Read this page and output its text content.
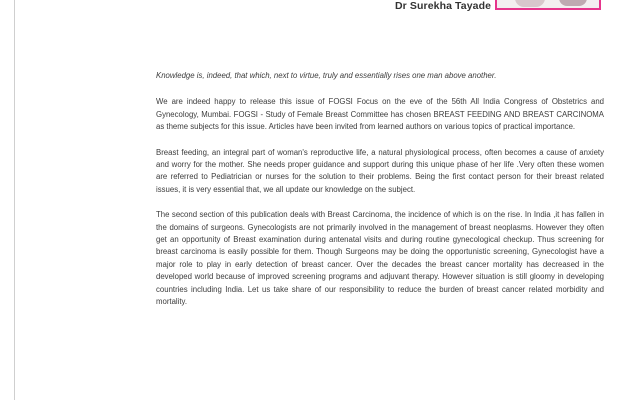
Dr Surekha Tayade

Knowledge is, indeed, that which, next to virtue, truly and essentially rises one man above another.

We are indeed happy to release this issue of FOGSI Focus on the eve of the 56th All India Congress of Obstetrics and Gynecology, Mumbai. FOGSI - Study of Female Breast Committee has chosen BREAST FEEDING AND BREAST CARCINOMA as theme subjects for this issue. Articles have been invited from learned authors on various topics of practical importance.

Breast feeding, an integral part of woman's reproductive life, a natural physiological process, often becomes a cause of anxiety and worry for the mother. She needs proper guidance and support during this unique phase of her life .Very often these women are referred to Pediatrician or nurses for the solution to their problems. Being the first contact person for their breast related issues, it is very essential that, we all update our knowledge on the subject.

The second section of this publication deals with Breast Carcinoma, the incidence of which is on the rise. In India ,it has fallen in the domains of surgeons. Gynecologists are not primarily involved in the management of breast neoplasms. However they often get an opportunity of Breast examination during antenatal visits and during routine gynecological checkup. Thus screening for breast carcinoma is easily possible for them. Though Surgeons may be doing the opportunistic screening, Gynecologist have a major role to play in early detection of breast cancer. Over the decades the breast cancer mortality has decreased in the developed world because of improved screening programs and adjuvant therapy. However situation is still gloomy in developing countries including India. Let us take share of our responsibility to reduce the burden of breast cancer related morbidity and mortality.
